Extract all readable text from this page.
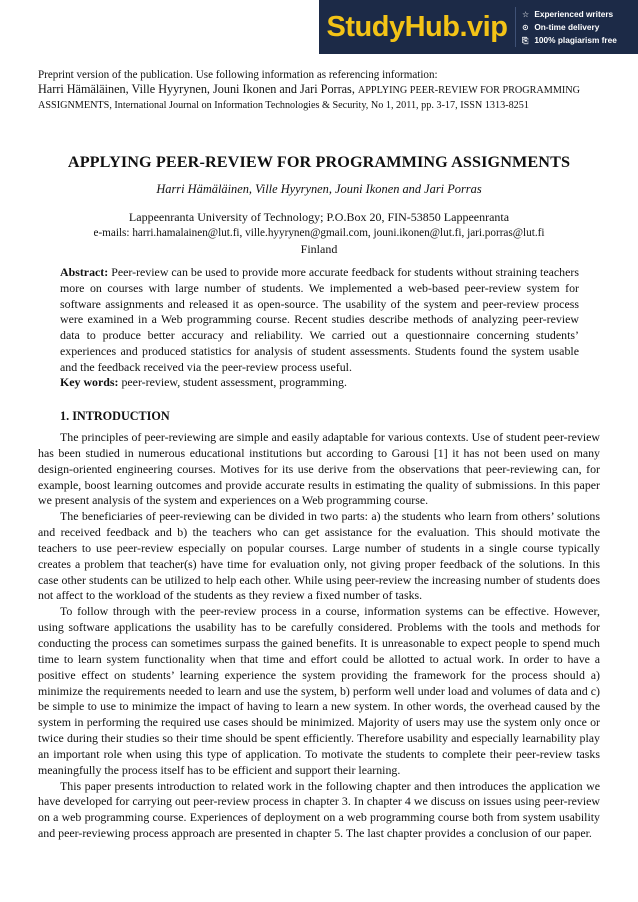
StudyHub.vip	☆ Experienced writers
⊙ On-time delivery
⎘ 100% plagiarism free
Preprint version of the publication. Use following information as referencing information:
Harri Hämäläinen, Ville Hyyrynen, Jouni Ikonen and Jari Porras, APPLYING PEER-REVIEW FOR PROGRAMMING
ASSIGNMENTS, International Journal on Information Technologies & Security, No 1, 2011, pp. 3-17, ISSN 1313-8251
APPLYING PEER-REVIEW FOR PROGRAMMING ASSIGNMENTS
Harri Hämäläinen, Ville Hyyrynen, Jouni Ikonen and Jari Porras
Lappeenranta University of Technology; P.O.Box 20, FIN-53850 Lappeenranta
e-mails: harri.hamalainen@lut.fi, ville.hyyrynen@gmail.com, jouni.ikonen@lut.fi, jari.porras@lut.fi
Finland
Abstract: Peer-review can be used to provide more accurate feedback for students without straining teachers more on courses with large number of students. We implemented a web-based peer-review system for software assignments and released it as open-source. The usability of the system and peer-review process were examined in a Web programming course. Recent studies describe methods of analyzing peer-review data to produce better accuracy and reliability. We carried out a questionnaire concerning students’ experiences and produced statistics for analysis of student assessments. Students found the system usable and the feedback received via the peer-review process useful.
Key words: peer-review, student assessment, programming.
1. INTRODUCTION

The principles of peer-reviewing are simple and easily adaptable for various contexts. Use of student peer-review has been studied in numerous educational institutions but according to Garousi [1] it has not been used on many design-oriented engineering courses. Motives for its use derive from the observations that peer-reviewing can, for example, boost learning outcomes and provide accurate results in estimating the quality of submissions. In this paper we present analysis of the system and experiences on a Web programming course.

The beneficiaries of peer-reviewing can be divided in two parts: a) the students who learn from others’ solutions and received feedback and b) the teachers who can get assistance for the evaluation. This should motivate the teachers to use peer-review especially on popular courses. Large number of students in a single course typically creates a problem that teacher(s) have time for evaluation only, not giving proper feedback of the solutions. In this case other students can be utilized to help each other. While using peer-review the increasing number of students does not affect to the workload of the students as they review a fixed number of tasks.

To follow through with the peer-review process in a course, information systems can be effective. However, using software applications the usability has to be carefully considered. Problems with the tools and methods for conducting the process can sometimes surpass the gained benefits. It is unreasonable to expect people to spend much time to learn system functionality when that time and effort could be allotted to actual work. In order to have a positive effect on students’ learning experience the system providing the framework for the process should a) minimize the requirements needed to learn and use the system, b) perform well under load and volumes of data and c) be simple to use to minimize the impact of having to learn a new system. In other words, the overhead caused by the system in performing the required use cases should be minimized. Majority of users may use the system only once or twice during their studies so their time should be spent efficiently. Therefore usability and especially learnability play an important role when using this type of application. To motivate the students to complete their peer-review tasks meaningfully the process itself has to be efficient and support their learning.

This paper presents introduction to related work in the following chapter and then introduces the application we have developed for carrying out peer-review process in chapter 3. In chapter 4 we discuss on issues using peer-review on a web programming course. Experiences of deployment on a web programming course both from system usability and peer-reviewing process approach are presented in chapter 5. The last chapter provides a conclusion of our paper.
